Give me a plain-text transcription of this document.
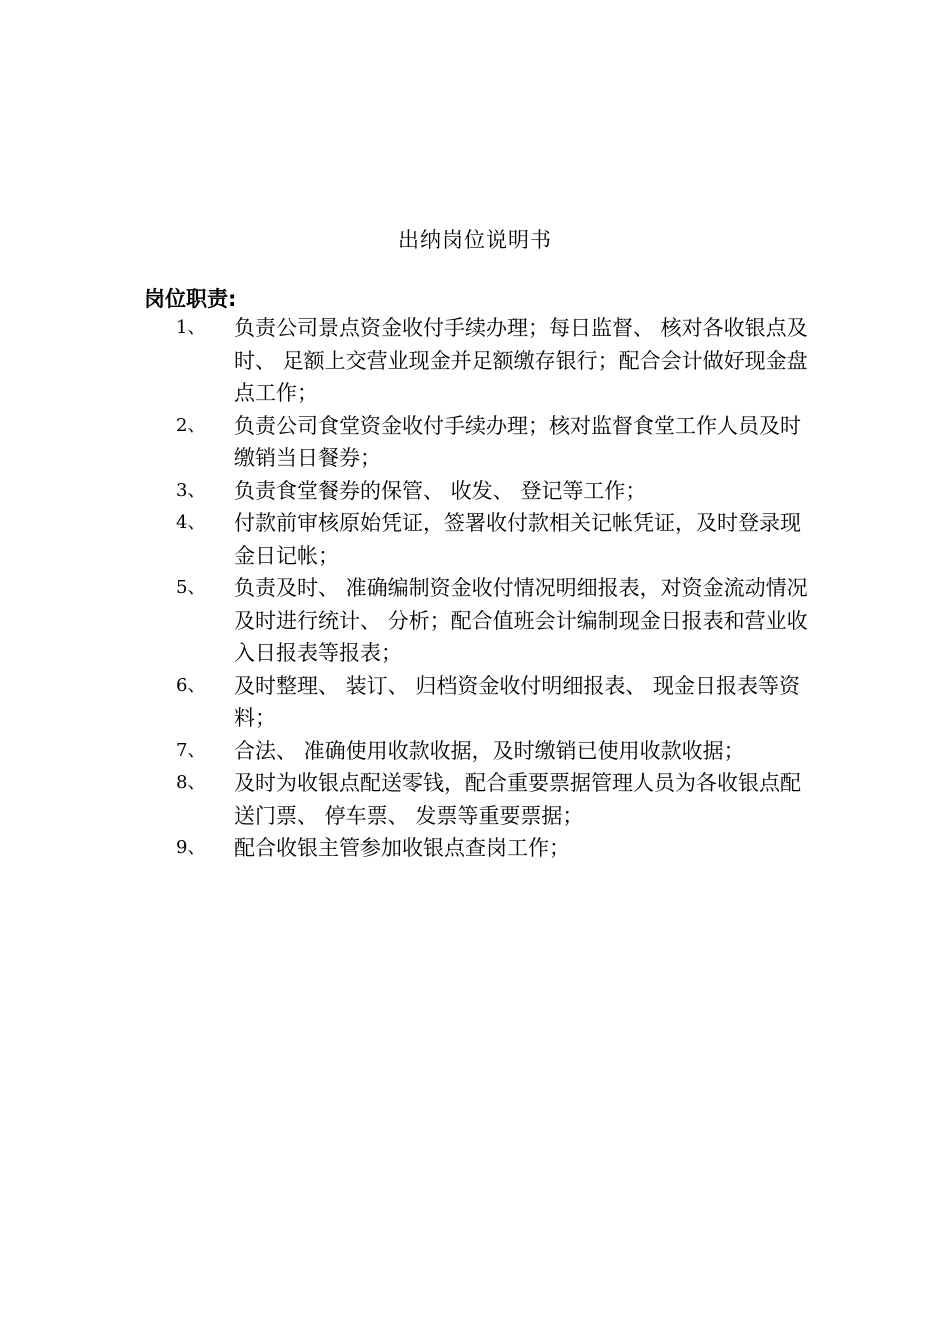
出纳岗位说明书
岗位职责:
1、	负责公司景点资金收付手续办理；每日监督、 核对各收银点及时、 足额上交营业现金并足额缴存银行；配合会计做好现金盘点工作；
2、	负责公司食堂资金收付手续办理；核对监督食堂工作人员及时缴销当日餐券；
3、	负责食堂餐券的保管、 收发、 登记等工作；
4、	付款前审核原始凭证，签署收付款相关记帐凭证，及时登录现金日记帐；
5、	负责及时、 准确编制资金收付情况明细报表，对资金流动情况及时进行统计、 分析；配合值班会计编制现金日报表和营业收入日报表等报表；
6、	及时整理、 装订、 归档资金收付明细报表、 现金日报表等资料；
7、	合法、 准确使用收款收据，及时缴销已使用收款收据；
8、	及时为收银点配送零钱，配合重要票据管理人员为各收银点配送门票、 停车票、 发票等重要票据；
9、	配合收银主管参加收银点查岗工作；
